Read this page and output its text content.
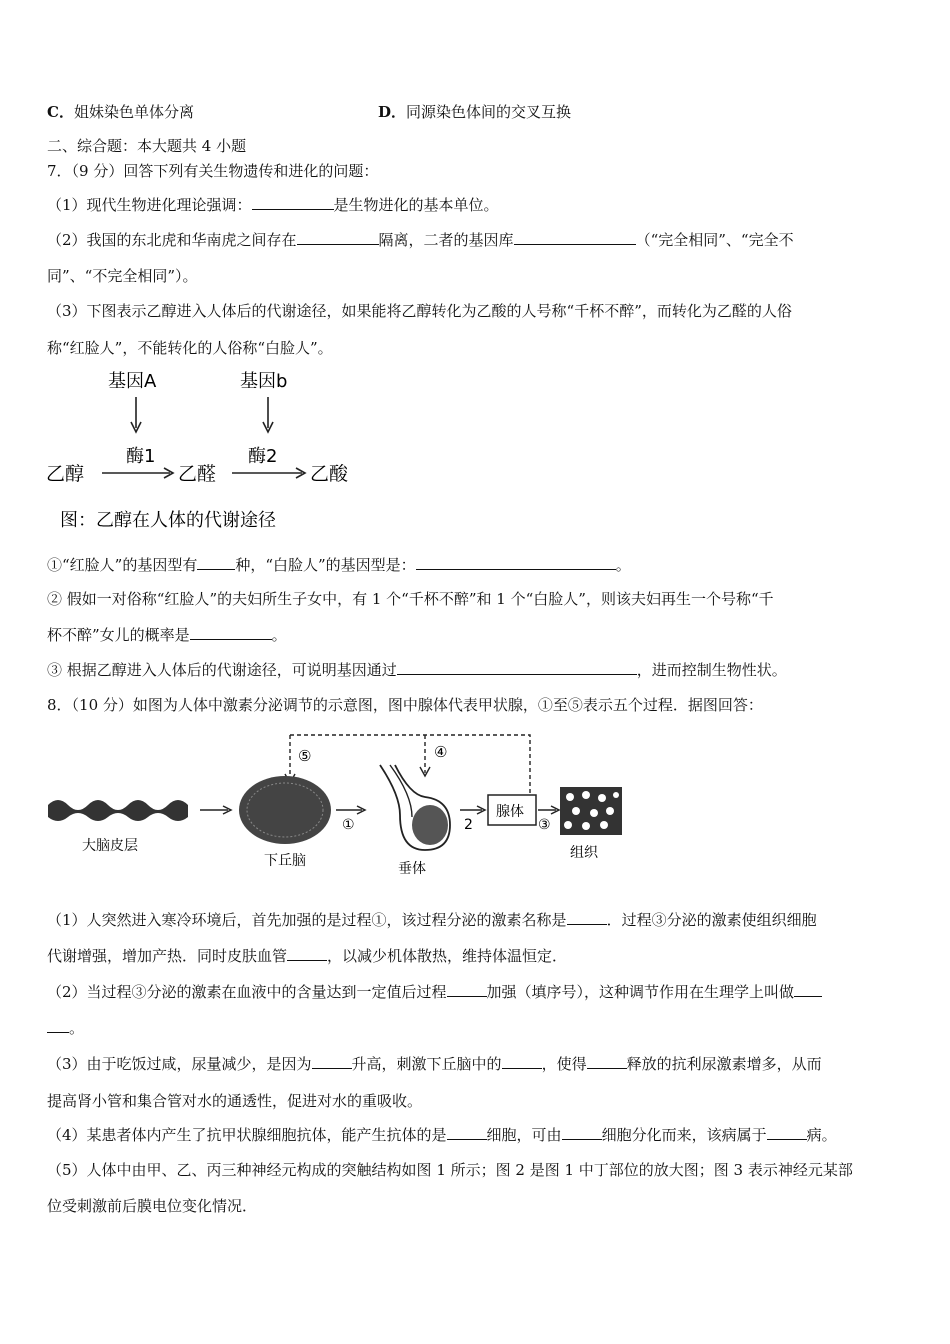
C．姐妹染色单体分离	D．同源染色体间的交叉互换
二、综合题：本大题共 4 小题
7．（9 分）回答下列有关生物遗传和进化的问题：
（1）现代生物进化理论强调：	是生物进化的基本单位。
（2）我国的东北虎和华南虎之间存在	隔离，二者的基因库	（“完全相同”、“完全不
同”、“不完全相同”）。
（3）下图表示乙醇进入人体后的代谢途径，如果能将乙醇转化为乙酸的人号称“千杯不醉”，而转化为乙醛的人俗
称“红脸人”，不能转化的人俗称“白脸人”。
基因A	基因b
酶1	酶2
乙醇	乙醛	乙酸
图：乙醇在人体的代谢途径
①“红脸人”的基因型有	种，“白脸人”的基因型是：	。
② 假如一对俗称“红脸人”的夫妇所生子女中，有 1 个“千杯不醉”和 1 个“白脸人”，则该夫妇再生一个号称“千
杯不醉”女儿的概率是	。
③ 根据乙醇进入人体后的代谢途径，可说明基因通过	，进而控制生物性状。
8．（10 分）如图为人体中激素分泌调节的示意图，图中腺体代表甲状腺，①至⑤表示五个过程．据图回答：
⑤	④
大脑皮层
下丘脑
①
垂体
2
腺体
③
组织
（1）人突然进入寒冷环境后，首先加强的是过程①，该过程分泌的激素名称是	．过程③分泌的激素使组织细胞
代谢增强，增加产热．同时皮肤血管	，以减少机体散热，维持体温恒定．
（2）当过程③分泌的激素在血液中的含量达到一定值后过程	加强（填序号），这种调节作用在生理学上叫做
。
（3）由于吃饭过咸，尿量减少，是因为	升高，刺激下丘脑中的	，使得	释放的抗利尿激素增多，从而
提高肾小管和集合管对水的通透性，促进对水的重吸收。
（4）某患者体内产生了抗甲状腺细胞抗体，能产生抗体的是	细胞，可由	细胞分化而来，该病属于	病。
（5）人体中由甲、乙、丙三种神经元构成的突触结构如图 1 所示；图 2 是图 1 中丁部位的放大图；图 3 表示神经元某部
位受刺激前后膜电位变化情况．
